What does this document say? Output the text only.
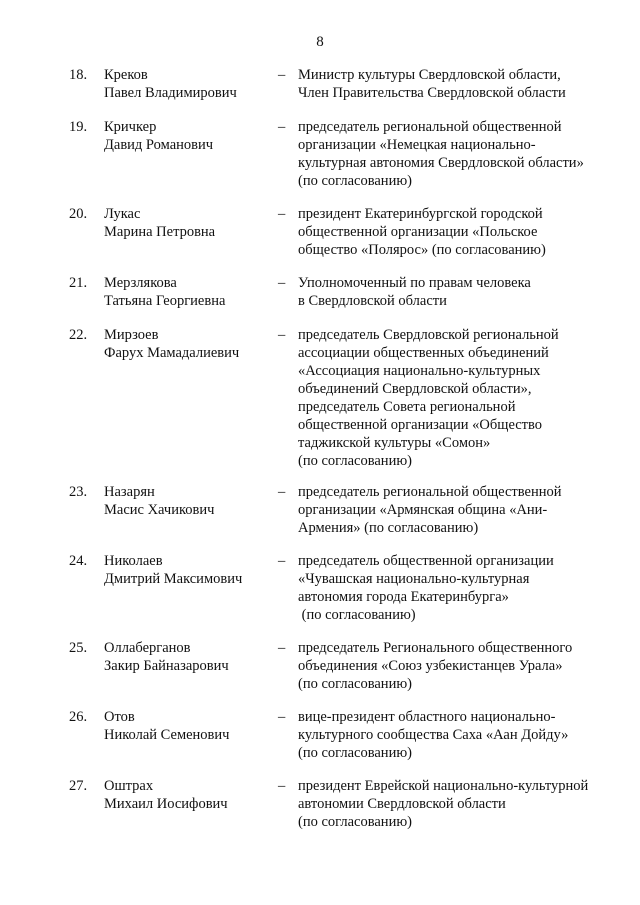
8
18. Креков
Павел Владимирович
– Министр культуры Свердловской области,
Член Правительства Свердловской области
19. Кричкер
Давид Романович
– председатель региональной общественной
организации «Немецкая национально-
культурная автономия Свердловской области»
(по согласованию)
20. Лукас
Марина Петровна
– президент Екатеринбургской городской
общественной организации «Польское
общество «Полярос» (по согласованию)
21. Мерзлякова
Татьяна Георгиевна
– Уполномоченный по правам человека
в Свердловской области
22. Мирзоев
Фарух Мамадалиевич
– председатель Свердловской региональной
ассоциации общественных объединений
«Ассоциация национально-культурных
объединений Свердловской области»,
председатель Совета региональной
общественной организации «Общество
таджикской культуры «Сомон»
(по согласованию)
23. Назарян
Масис Хачикович
– председатель региональной общественной
организации «Армянская община «Ани-
Армения» (по согласованию)
24. Николаев
Дмитрий Максимович
– председатель общественной организации
«Чувашская национально-культурная
автономия города Екатеринбурга»
(по согласованию)
25. Оллаберганов
Закир Байназарович
– председатель Регионального общественного
объединения «Союз узбекистанцев Урала»
(по согласованию)
26. Отов
Николай Семенович
– вице-президент областного национально-
культурного сообщества Саха «Аан Дойду»
(по согласованию)
27. Оштрах
Михаил Иосифович
– президент Еврейской национально-культурной
автономии Свердловской области
(по согласованию)
